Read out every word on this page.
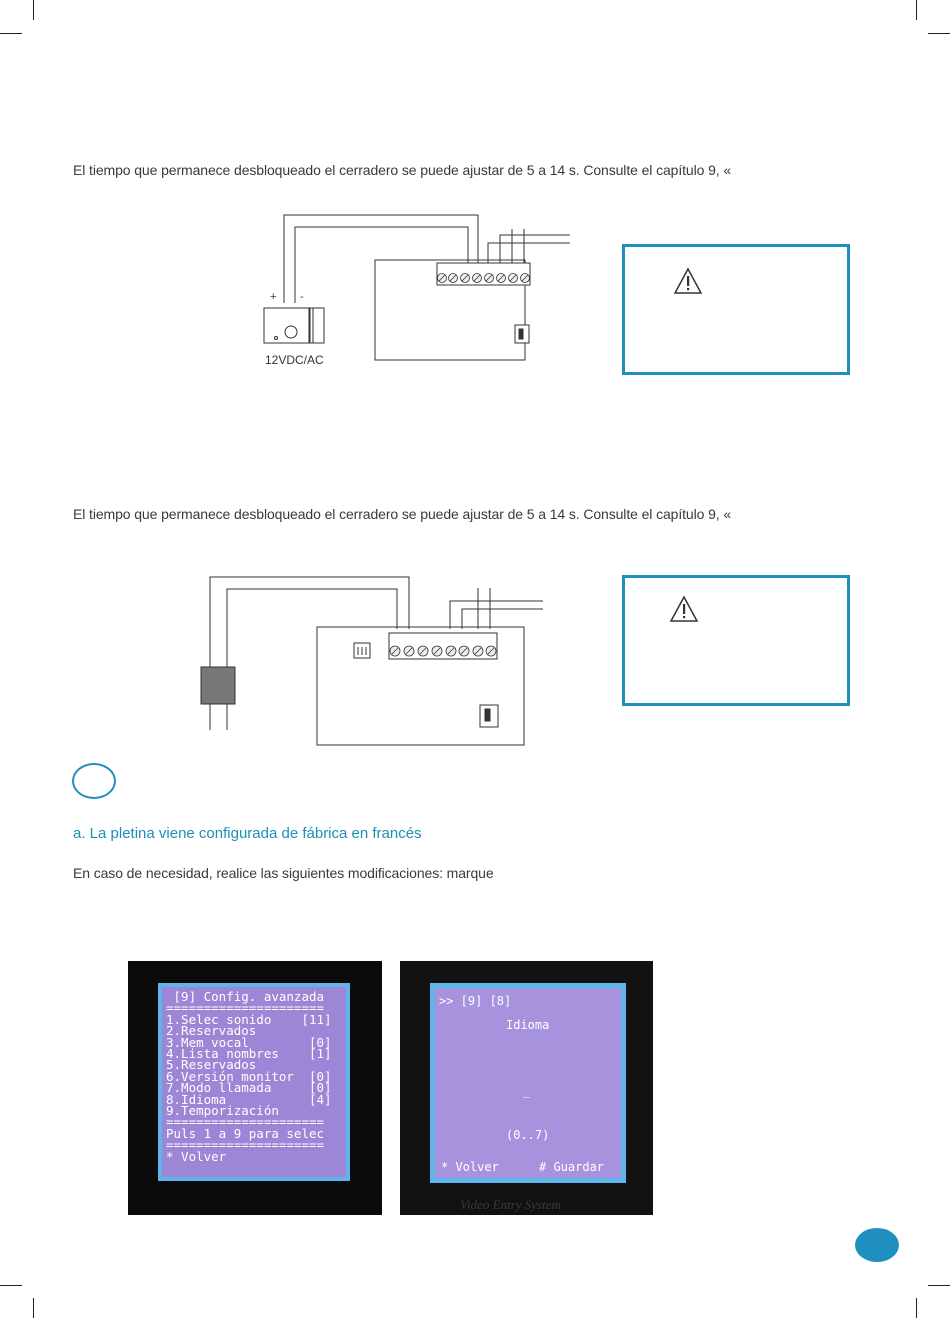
El tiempo que permanece desbloqueado el cerradero se puede ajustar de 5 a 14 s. Consulte el capítulo 9, «
+ -
12VDC/AC
El tiempo que permanece desbloqueado el cerradero se puede ajustar de 5 a 14 s. Consulte el capítulo 9, «
a. La pletina viene configurada de fábrica en francés
En caso de necesidad, realice las siguientes modificaciones: marque
[9] Config. avanzada
=====================
1.Selec sonido    [11]
2.Reservados
3.Mem vocal        [0]
4.Lista nombres    [1]
5.Reservados
6.Versión monitor  [0]
7.Modo llamada     [0]
8.Idioma           [4]
9.Temporización
=====================
Puls 1 a 9 para selec
=====================
* Volver
>> [9] [8]
Idioma
_
(0..7)
* Volver	# Guardar
Video Entry System
